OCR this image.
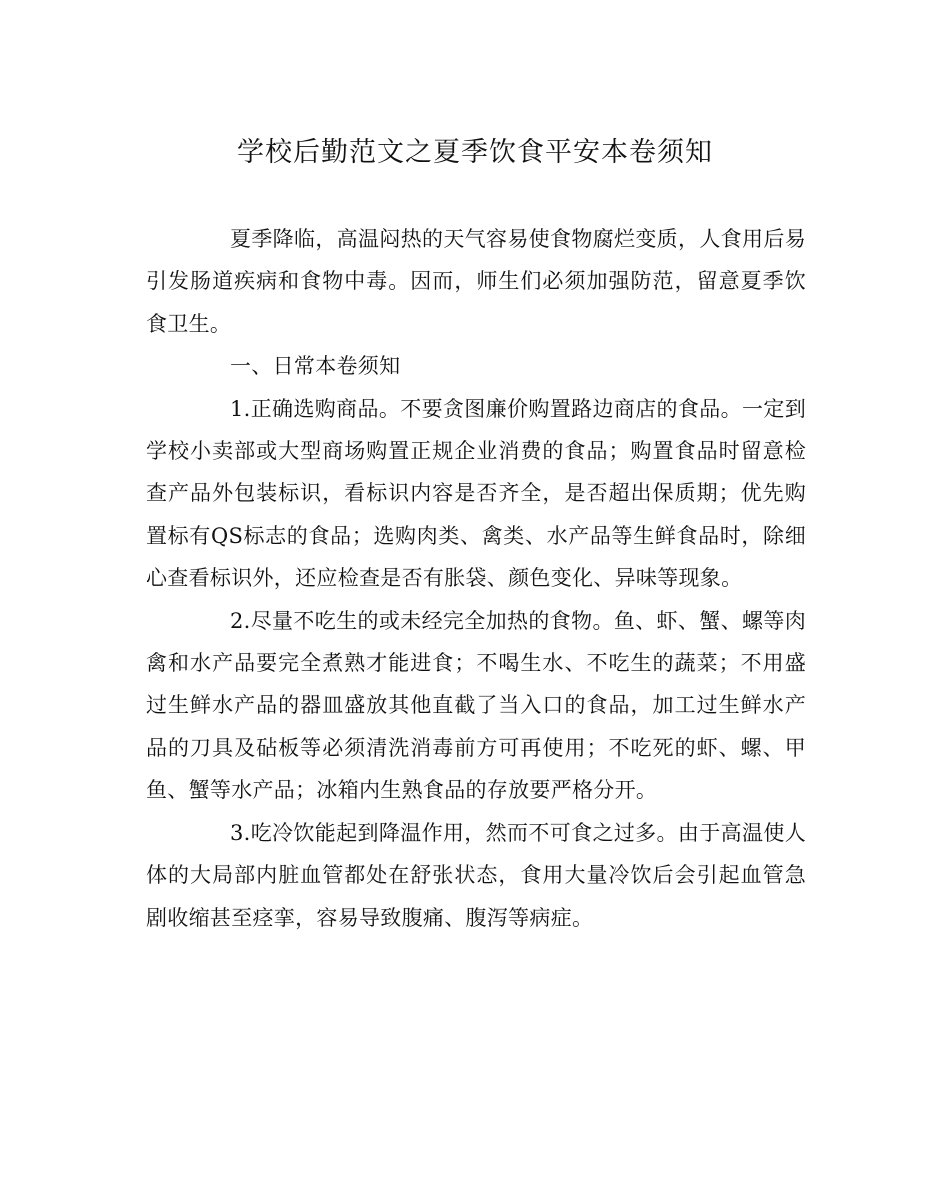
学校后勤范文之夏季饮食平安本卷须知

夏季降临，高温闷热的天气容易使食物腐烂变质，人食用后易引发肠道疾病和食物中毒。因而，师生们必须加强防范，留意夏季饮食卫生。

一、日常本卷须知

1.正确选购商品。不要贪图廉价购置路边商店的食品。一定到学校小卖部或大型商场购置正规企业消费的食品；购置食品时留意检查产品外包装标识，看标识内容是否齐全，是否超出保质期；优先购置标有QS标志的食品；选购肉类、禽类、水产品等生鲜食品时，除细心查看标识外，还应检查是否有胀袋、颜色变化、异味等现象。

2.尽量不吃生的或未经完全加热的食物。鱼、虾、蟹、螺等肉禽和水产品要完全煮熟才能进食；不喝生水、不吃生的蔬菜；不用盛过生鲜水产品的器皿盛放其他直截了当入口的食品，加工过生鲜水产品的刀具及砧板等必须清洗消毒前方可再使用；不吃死的虾、螺、甲鱼、蟹等水产品；冰箱内生熟食品的存放要严格分开。

3.吃冷饮能起到降温作用，然而不可食之过多。由于高温使人体的大局部内脏血管都处在舒张状态，食用大量冷饮后会引起血管急剧收缩甚至痉挛，容易导致腹痛、腹泻等病症。
